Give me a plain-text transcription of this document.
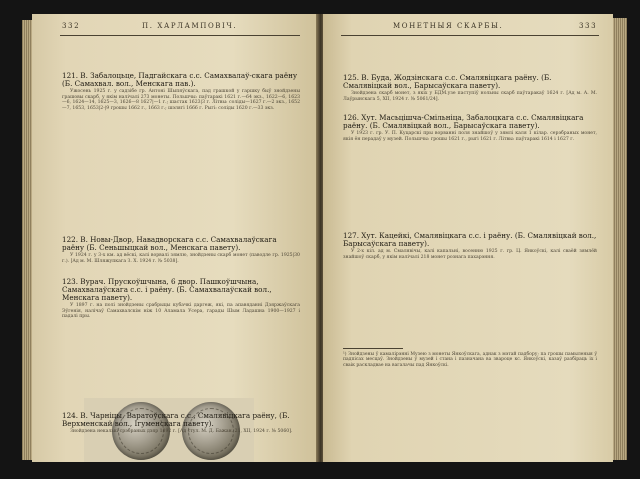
332	П. ХАРЛАМПОВІЧ.

121. В. Забалоцьце, Падгайскага с.с. Самахвалаў-скага раёну (Б. Самахвал. вол., Менскага пав.).

Ужосень 1925 г. у садзібе гр. Антоні Шыпяўскага, пад грашкой у гаршку быў знойдзены грашовы скарб, у якім налічалі 273 монеты. Польшчы: паўтаракі 1621 г.—64 экз., 1622—6, 1623—6, 1624—14, 1625—3, 1626—8 1627|—1 г.; шастак 1623|3 г. Літвы: соліды—1627 г.—2 экз., 1652—7, 1653, 1653|2-|9 грошы 1662 г., 1663 г.; шэлягі 1666 г. Рыгі: соліды 1620 г.—33 экз.

122. В. Новы-Двор, Навадворскага с.с. Самахвалаўскага раёну (Б. Сеньшыцкай вол., Менскага павету).

У 1924 г. у 3-х км. ад вёскі, калі ворвалі зямлю, знойдзены скарб монет (паводле гр. 1925|30 г.). [Ад м. М. Шляжупкага З. Х. 1924 г. № 5038].

123. Вурач. Прускоўшчына, 6 двор. Пашкоўшчына, Самахвалаўскага с.с. і раёну. (Б. Самахвалаўскай вол., Менскага павету).

У 1897 г. на полі знойдзены срабрыцы кубачкі даргеж, які, па апавяданні Дзяржаўскага Эўгенія, налічаў Самахвалскім ніж 10 Аламала Усера, гарады Шым Ладашна 1900—1927 і падалі пры.

124. В. Чарніцы, Варатоўскага с.с., Смалявіцкага раёну, (Б. Верхменскай вол., Ігуменскага павету).

Знойдзена некалькі срэбраных дзяр 1892 г. [Ад стул. М. Д. Бажан. 21, XII, 1924 г. № 5060].

МОНЕТНЫЯ СКАРБЫ.	333

125. В. Буда, Жодзінскага с.с. Смалявіцкага раёну. (Б. Смалявіцкай вол., Барысаўскага павету).

Знойдзена скарб монет, з якіх у БДМ.узе паступіў нольны скарб паўтаракаў 1624 г. [Ад м. А. М. Лаўрынскага 5, XII, 1924 г. № 5061/24].

126. Хут. Масьцішча-Смільніца, Забалоцкага с.с. Смалявіцкага раёну. (Б. Смалявіцкай вол., Барысаўскага павету).

У 1923 г. гр. У. П. Куцарскі пры ворванні поля знайшоў у зямлі каля 1 кілар. серэбраных монет, якія ён перадаў у музей. Польшчы: грошы 1621 г., рыгі 1621 г. Літвы: паўтаракі 1614 і 1627 г.

127. Хут. Кацейкі, Смалявіцкага с.с. і раёну. (Б. Смалявіцкай вол., Барысаўскага павету).

У 2-х кіл. ад м. Смалявічы, калі капальні, восенню 1925 г. гр. Ц. Янкоўскі, калі сваёй зямлёй знайшоў скарб, у якім налічалі 218 монет рознага пахарэння.

¹) Знойдзены ў камалірэнні Музею з монеты Янкоўскага, аднак з мэтай падбору; па грошы памыленыя ў падпісах месцаў. Знойдзены ў музей і стана і пазначана ва звароце кс. Янкоўскі, казаў разбіраць іх і сваік раскладвае на вагалачы пад Янкоўскі.
